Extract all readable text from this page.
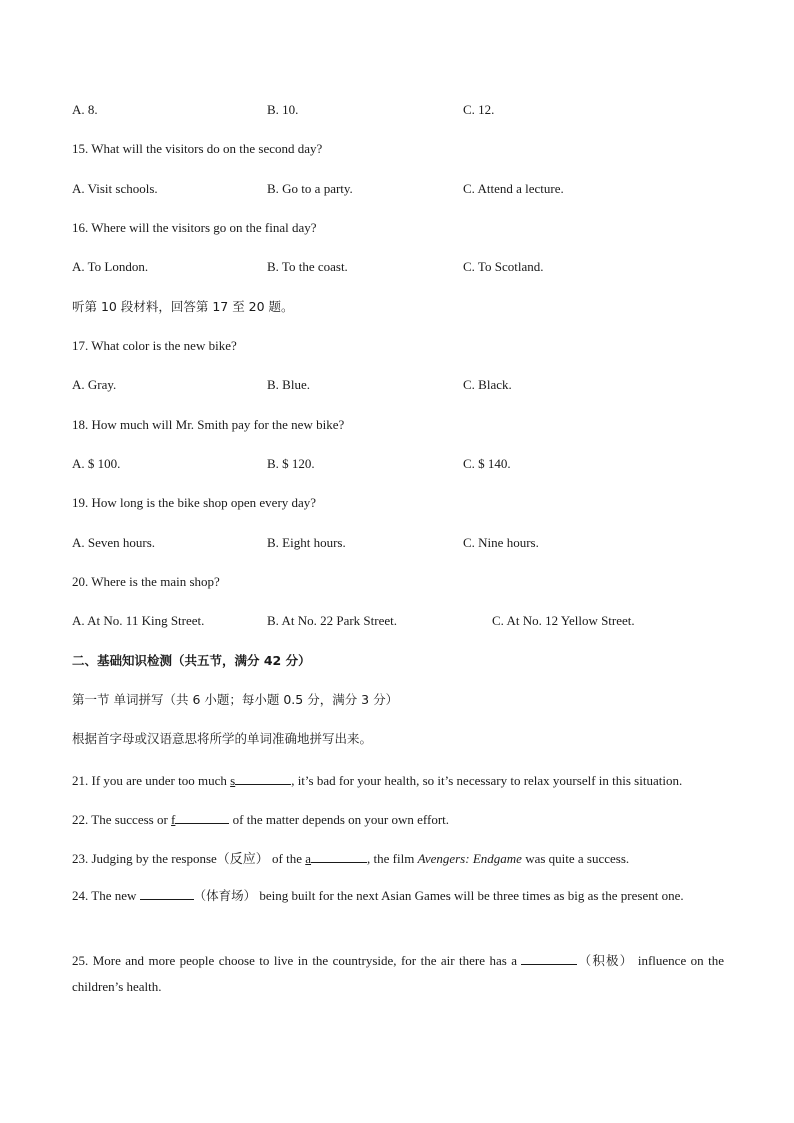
A. 8.	B. 10.	C. 12.
15. What will the visitors do on the second day?
A. Visit schools.	B. Go to a party.	C. Attend a lecture.
16. Where will the visitors go on the final day?
A. To London.	B. To the coast.	C. To Scotland.
听第 10 段材料，回答第 17 至 20 题。
17. What color is the new bike?
A. Gray.	B. Blue.	C. Black.
18. How much will Mr. Smith pay for the new bike?
A. $ 100.	B. $ 120.	C. $ 140.
19. How long is the bike shop open every day?
A. Seven hours.	B. Eight hours.	C. Nine hours.
20. Where is the main shop?
A. At No. 11 King Street.	B. At No. 22 Park Street.	C. At No. 12 Yellow Street.
二、基础知识检测（共五节，满分 42 分）
第一节 单词拼写（共 6 小题；每小题 0.5 分，满分 3 分）
根据首字母或汉语意思将所学的单词准确地拼写出来。
21. If you are under too much s	, it’s bad for your health, so it’s necessary to relax yourself in this situation.
22. The success or f	of the matter depends on your own effort.
23. Judging by the response（反应） of the a	, the film Avengers: Endgame was quite a success.
24. The new	（体育场） being built for the next Asian Games will be three times as big as the present one.
25. More and more people choose to live in the countryside, for the air there has a	（积极） influence on the children’s health.
